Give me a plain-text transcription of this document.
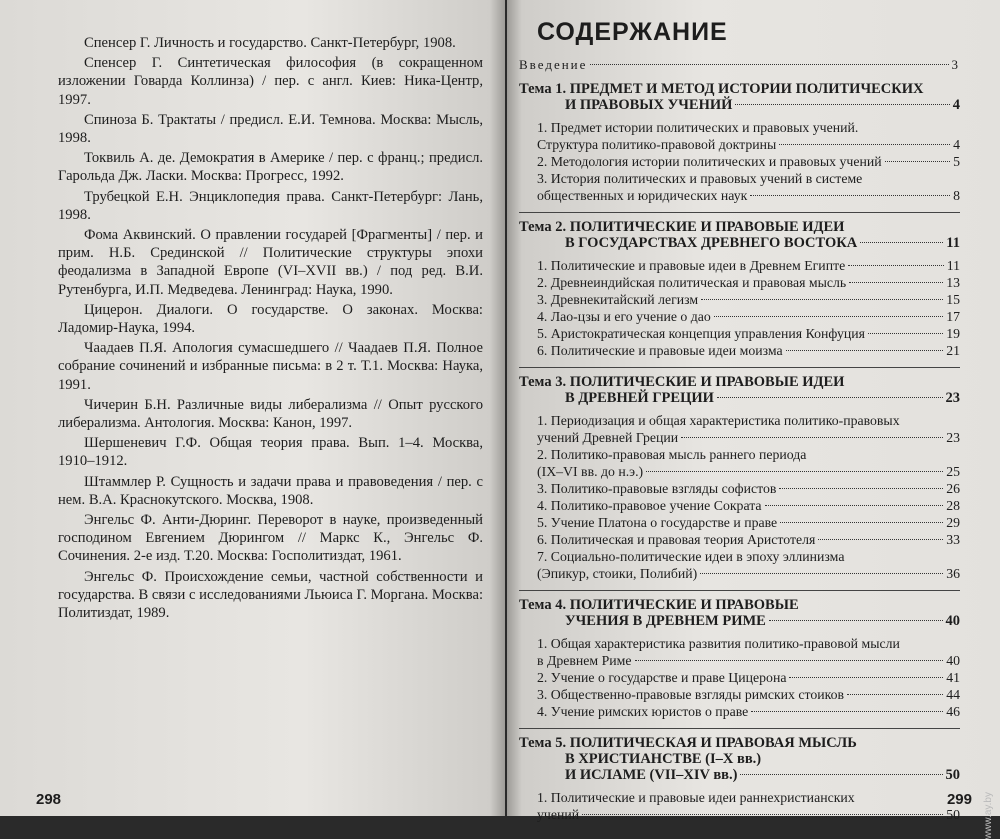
Спенсер Г. Личность и государство. Санкт-Петербург, 1908.

Спенсер Г. Синтетическая философия (в сокращенном изложении Говарда Коллинза) / пер. с англ. Киев: Ника-Центр, 1997.

Спиноза Б. Трактаты / предисл. Е.И. Темнова. Москва: Мысль, 1998.

Токвиль А. де. Демократия в Америке / пер. с франц.; предисл. Гарольда Дж. Ласки. Москва: Прогресс, 1992.

Трубецкой Е.Н. Энциклопедия права. Санкт-Петербург: Лань, 1998.

Фома Аквинский. О правлении государей [Фрагменты] / пер. и прим. Н.Б. Срединской // Политические структуры эпохи феодализма в Западной Европе (VI–XVII вв.) / под ред. В.И. Рутенбурга, И.П. Медведева. Ленинград: Наука, 1990.

Цицерон. Диалоги. О государстве. О законах. Москва: Ладомир-Наука, 1994.

Чаадаев П.Я. Апология сумасшедшего // Чаадаев П.Я. Полное собрание сочинений и избранные письма: в 2 т. Т.1. Москва: Наука, 1991.

Чичерин Б.Н. Различные виды либерализма // Опыт русского либерализма. Антология. Москва: Канон, 1997.

Шершеневич Г.Ф. Общая теория права. Вып. 1–4. Москва, 1910–1912.

Штаммлер Р. Сущность и задачи права и правоведения / пер. с нем. В.А. Краснокутского. Москва, 1908.

Энгельс Ф. Анти-Дюринг. Переворот в науке, произведенный господином Евгением Дюрингом // Маркс К., Энгельс Ф. Сочинения. 2-е изд. Т.20. Москва: Госполитиздат, 1961.

Энгельс Ф. Происхождение семьи, частной собственности и государства. В связи с исследованиями Льюиса Г. Моргана. Москва: Политиздат, 1989.

298
СОДЕРЖАНИЕ
Введение	3
Тема 1. ПРЕДМЕТ И МЕТОД ИСТОРИИ ПОЛИТИЧЕСКИХ
И ПРАВОВЫХ УЧЕНИЙ	4
1. Предмет истории политических и правовых учений.
Структура политико-правовой доктрины	4
2. Методология истории политических и правовых учений	5
3. История политических и правовых учений в системе
общественных и юридических наук	8
Тема 2. ПОЛИТИЧЕСКИЕ И ПРАВОВЫЕ ИДЕИ
В ГОСУДАРСТВАХ ДРЕВНЕГО ВОСТОКА	11
1. Политические и правовые идеи в Древнем Египте	11
2. Древнеиндийская политическая и правовая мысль	13
3. Древнекитайский легизм	15
4. Лао-цзы и его учение о дао	17
5. Аристократическая концепция управления Конфуция	19
6. Политические и правовые идеи моизма	21
Тема 3. ПОЛИТИЧЕСКИЕ И ПРАВОВЫЕ ИДЕИ
В ДРЕВНЕЙ ГРЕЦИИ	23
1. Периодизация и общая характеристика политико-правовых
учений Древней Греции	23
2. Политико-правовая мысль раннего периода
(IX–VI вв. до н.э.)	25
3. Политико-правовые взгляды софистов	26
4. Политико-правовое учение Сократа	28
5. Учение Платона о государстве и праве	29
6. Политическая и правовая теория Аристотеля	33
7. Социально-политические идеи в эпоху эллинизма
(Эпикур, стоики, Полибий)	36
Тема 4. ПОЛИТИЧЕСКИЕ И ПРАВОВЫЕ
УЧЕНИЯ В ДРЕВНЕМ РИМЕ	40
1. Общая характеристика развития политико-правовой мысли
в Древнем Риме	40
2. Учение о государстве и праве Цицерона	41
3. Общественно-правовые взгляды римских стоиков	44
4. Учение римских юристов о праве	46
Тема 5. ПОЛИТИЧЕСКАЯ И ПРАВОВАЯ МЫСЛЬ
В ХРИСТИАНСТВЕ (I–X вв.)
И ИСЛАМЕ (VII–XIV вв.)	50
1. Политические и правовые идеи раннехристианских
учений	50
299 www.ay.by
